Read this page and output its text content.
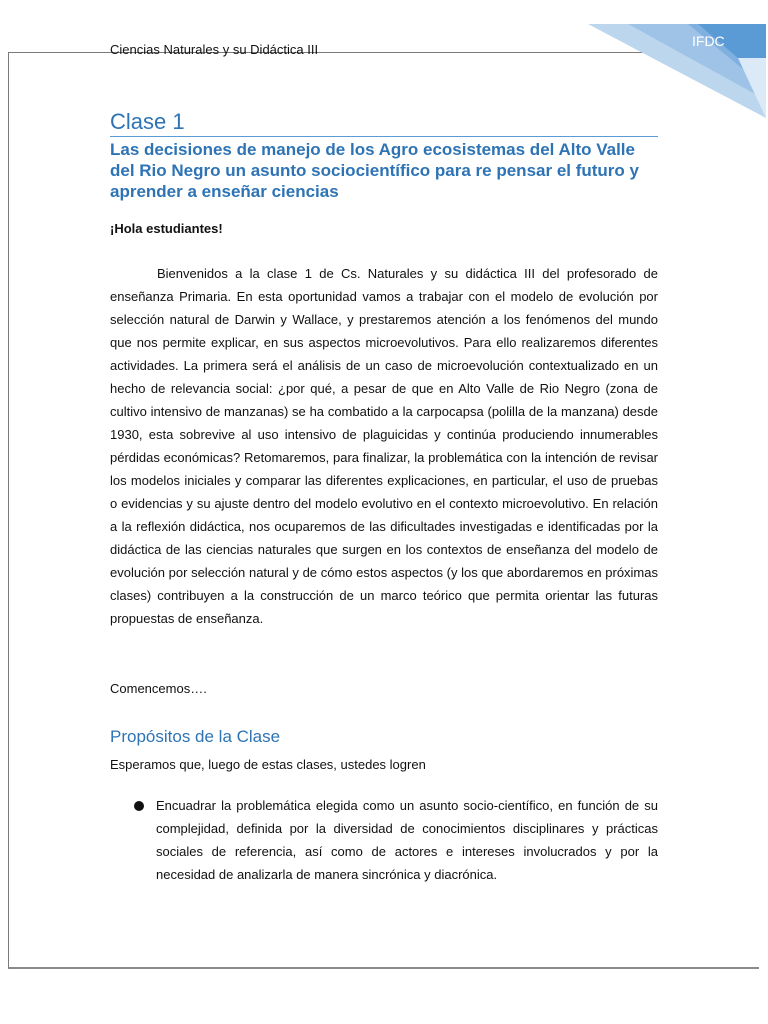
Ciencias Naturales y su Didáctica III
IFDC
Clase 1
Las decisiones de manejo de los Agro ecosistemas del Alto Valle del Rio Negro un asunto sociocientífico para re pensar el futuro y aprender a enseñar ciencias
¡Hola estudiantes!

Bienvenidos a la clase 1 de Cs. Naturales y su didáctica III del profesorado de enseñanza Primaria. En esta oportunidad vamos a trabajar con el modelo de evolución por selección natural de Darwin y Wallace, y prestaremos atención a los fenómenos del mundo que nos permite explicar, en sus aspectos microevolutivos. Para ello realizaremos diferentes actividades. La primera será el análisis de un caso de microevolución contextualizado en un hecho de relevancia social: ¿por qué, a pesar de que en Alto Valle de Rio Negro (zona de cultivo intensivo de manzanas) se ha combatido a la carpocapsa (polilla de la manzana) desde 1930, esta sobrevive al uso intensivo de plaguicidas y continúa produciendo innumerables pérdidas económicas? Retomaremos, para finalizar, la problemática con la intención de revisar los modelos iniciales y comparar las diferentes explicaciones, en particular, el uso de pruebas o evidencias y su ajuste dentro del modelo evolutivo en el contexto microevolutivo. En relación a la reflexión didáctica, nos ocuparemos de las dificultades investigadas e identificadas por la didáctica de las ciencias naturales que surgen en los contextos de enseñanza del modelo de evolución por selección natural y de cómo estos aspectos (y los que abordaremos en próximas clases) contribuyen a la construcción de un marco teórico que permita orientar las futuras propuestas de enseñanza.

Comencemos….
Propósitos de la Clase
Esperamos que, luego de estas clases, ustedes logren
Encuadrar la problemática elegida como un asunto socio-científico, en función de su complejidad, definida por la diversidad de conocimientos disciplinares y prácticas sociales de referencia, así como de actores e intereses involucrados y por la necesidad de analizarla de manera sincrónica y diacrónica.
